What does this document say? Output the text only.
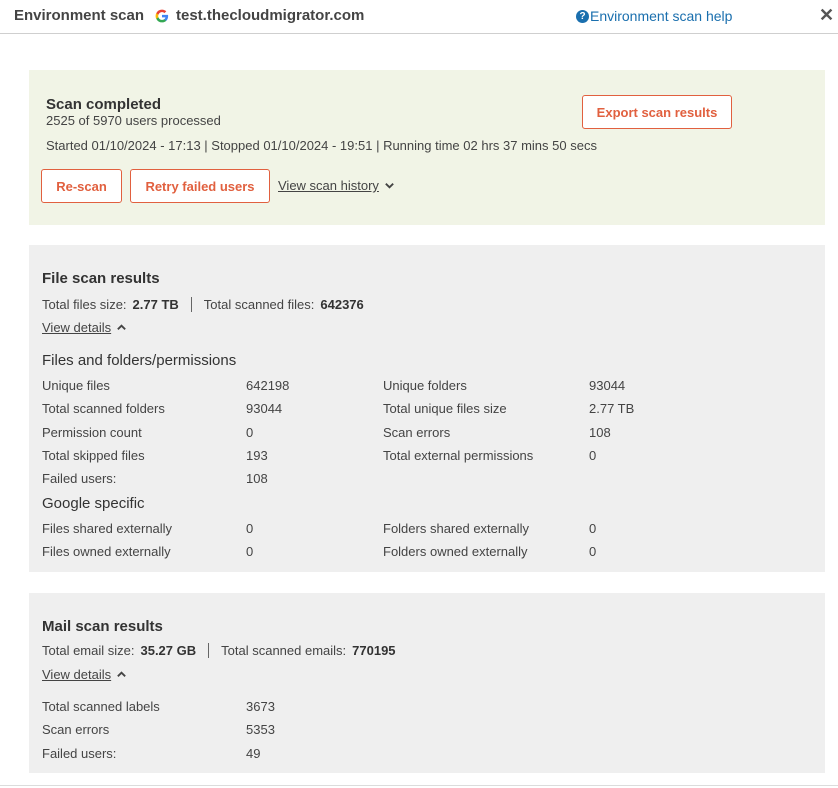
Environment scan test.thecloudmigrator.com	? Environment scan help	✕
Scan completed
2525 of 5970 users processed
Started 01/10/2024 - 17:13 | Stopped 01/10/2024 - 19:51 | Running time 02 hrs 37 mins 50 secs
Export scan results
Re-scan	Retry failed users	View scan history
File scan results
Total files size: 2.77 TB Total scanned files: 642376
View details
Files and folders/permissions
Unique files	642198	Unique folders	93044
Total scanned folders	93044	Total unique files size	2.77 TB
Permission count	0	Scan errors	108
Total skipped files	193	Total external permissions	0
Failed users:	108
Google specific
Files shared externally	0	Folders shared externally	0
Files owned externally	0	Folders owned externally	0
Mail scan results
Total email size: 35.27 GB Total scanned emails: 770195
View details
Total scanned labels	3673
Scan errors	5353
Failed users:	49
